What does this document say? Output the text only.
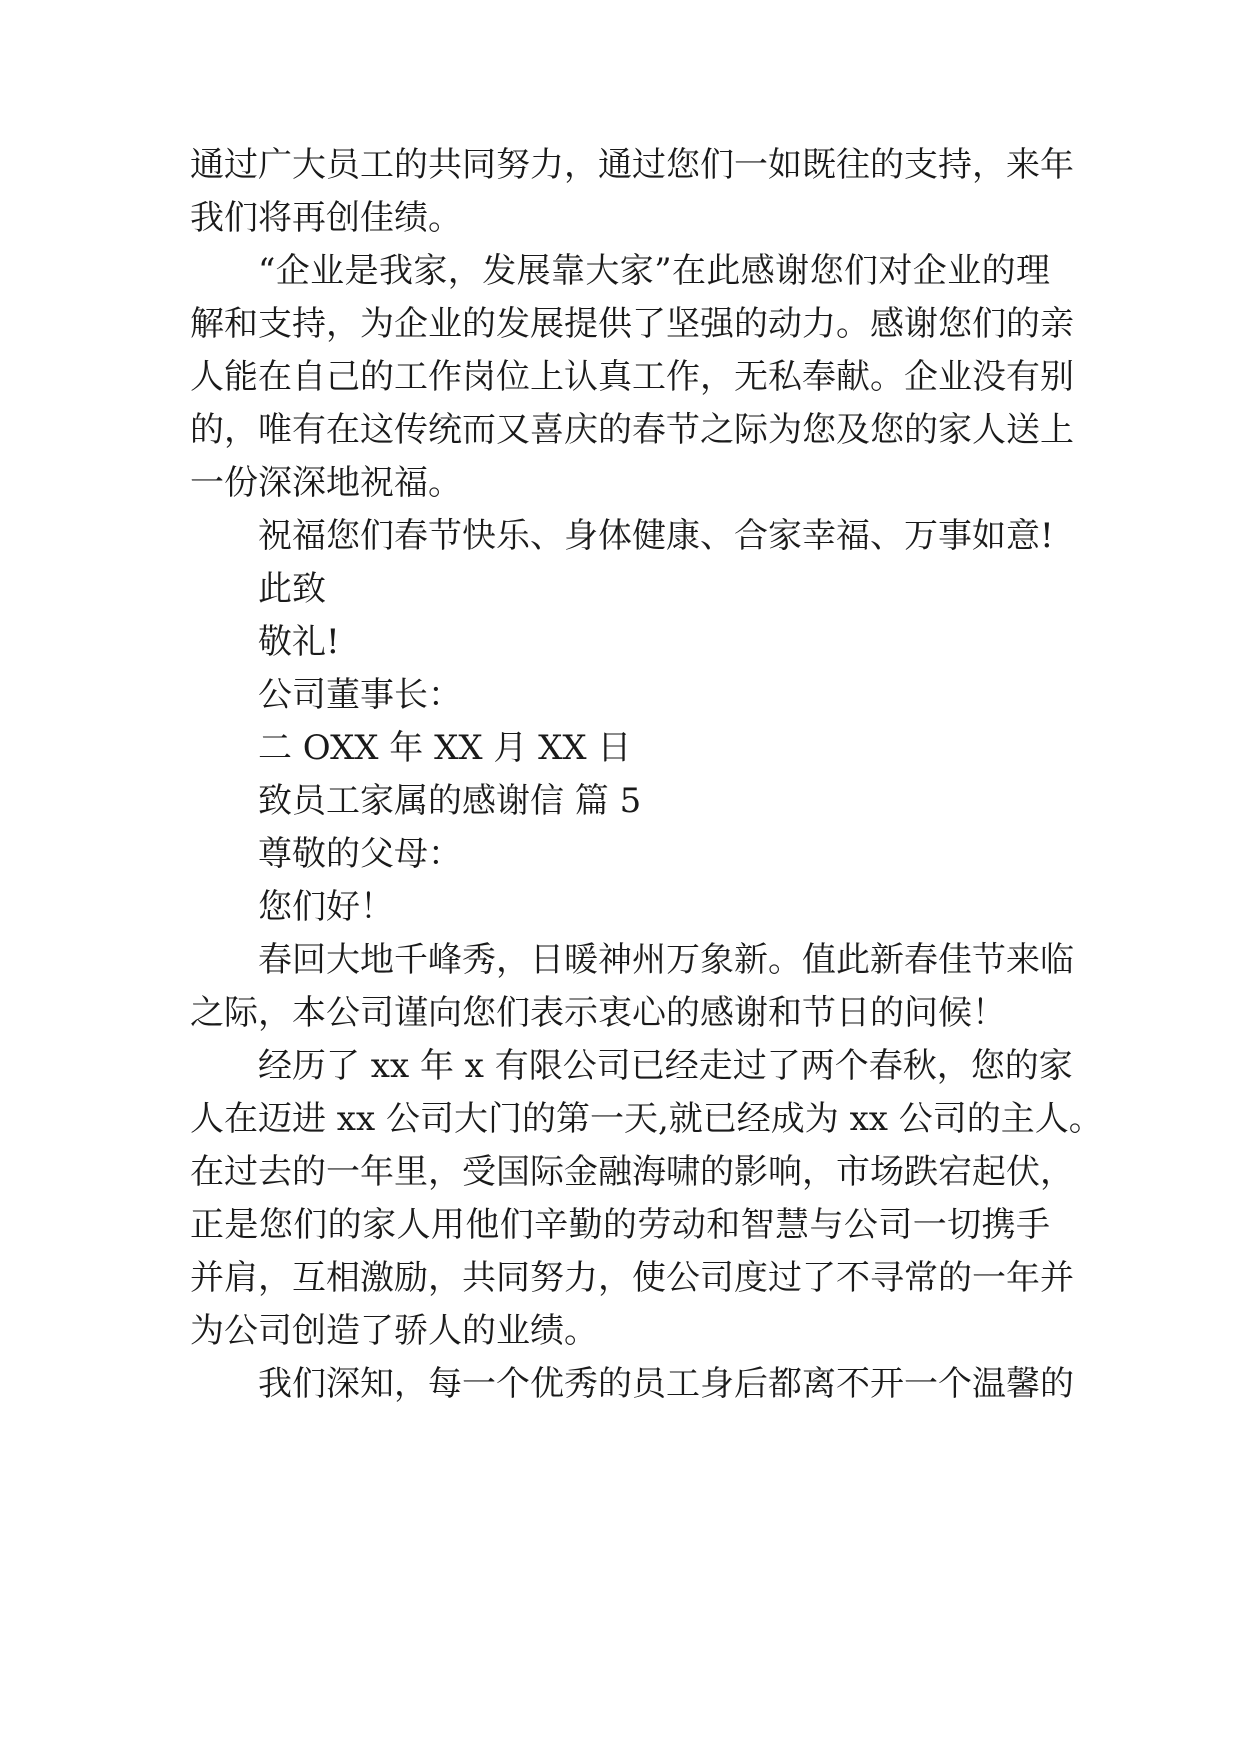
通过广大员工的共同努力，通过您们一如既往的支持，来年
我们将再创佳绩。
“企业是我家，发展靠大家”在此感谢您们对企业的理
解和支持，为企业的发展提供了坚强的动力。感谢您们的亲
人能在自己的工作岗位上认真工作，无私奉献。企业没有别
的，唯有在这传统而又喜庆的春节之际为您及您的家人送上
一份深深地祝福。
祝福您们春节快乐、身体健康、合家幸福、万事如意!
此致
敬礼!
公司董事长：
二 OXX 年 XX 月 XX 日
致员工家属的感谢信 篇 5
尊敬的父母：
您们好！
春回大地千峰秀，日暖神州万象新。值此新春佳节来临
之际，本公司谨向您们表示衷心的感谢和节日的问候！
经历了 xx 年 x 有限公司已经走过了两个春秋，您的家
人在迈进 xx 公司大门的第一天,就已经成为 xx 公司的主人。
在过去的一年里，受国际金融海啸的影响，市场跌宕起伏，
正是您们的家人用他们辛勤的劳动和智慧与公司一切携手
并肩，互相激励，共同努力，使公司度过了不寻常的一年并
为公司创造了骄人的业绩。
我们深知，每一个优秀的员工身后都离不开一个温馨的
